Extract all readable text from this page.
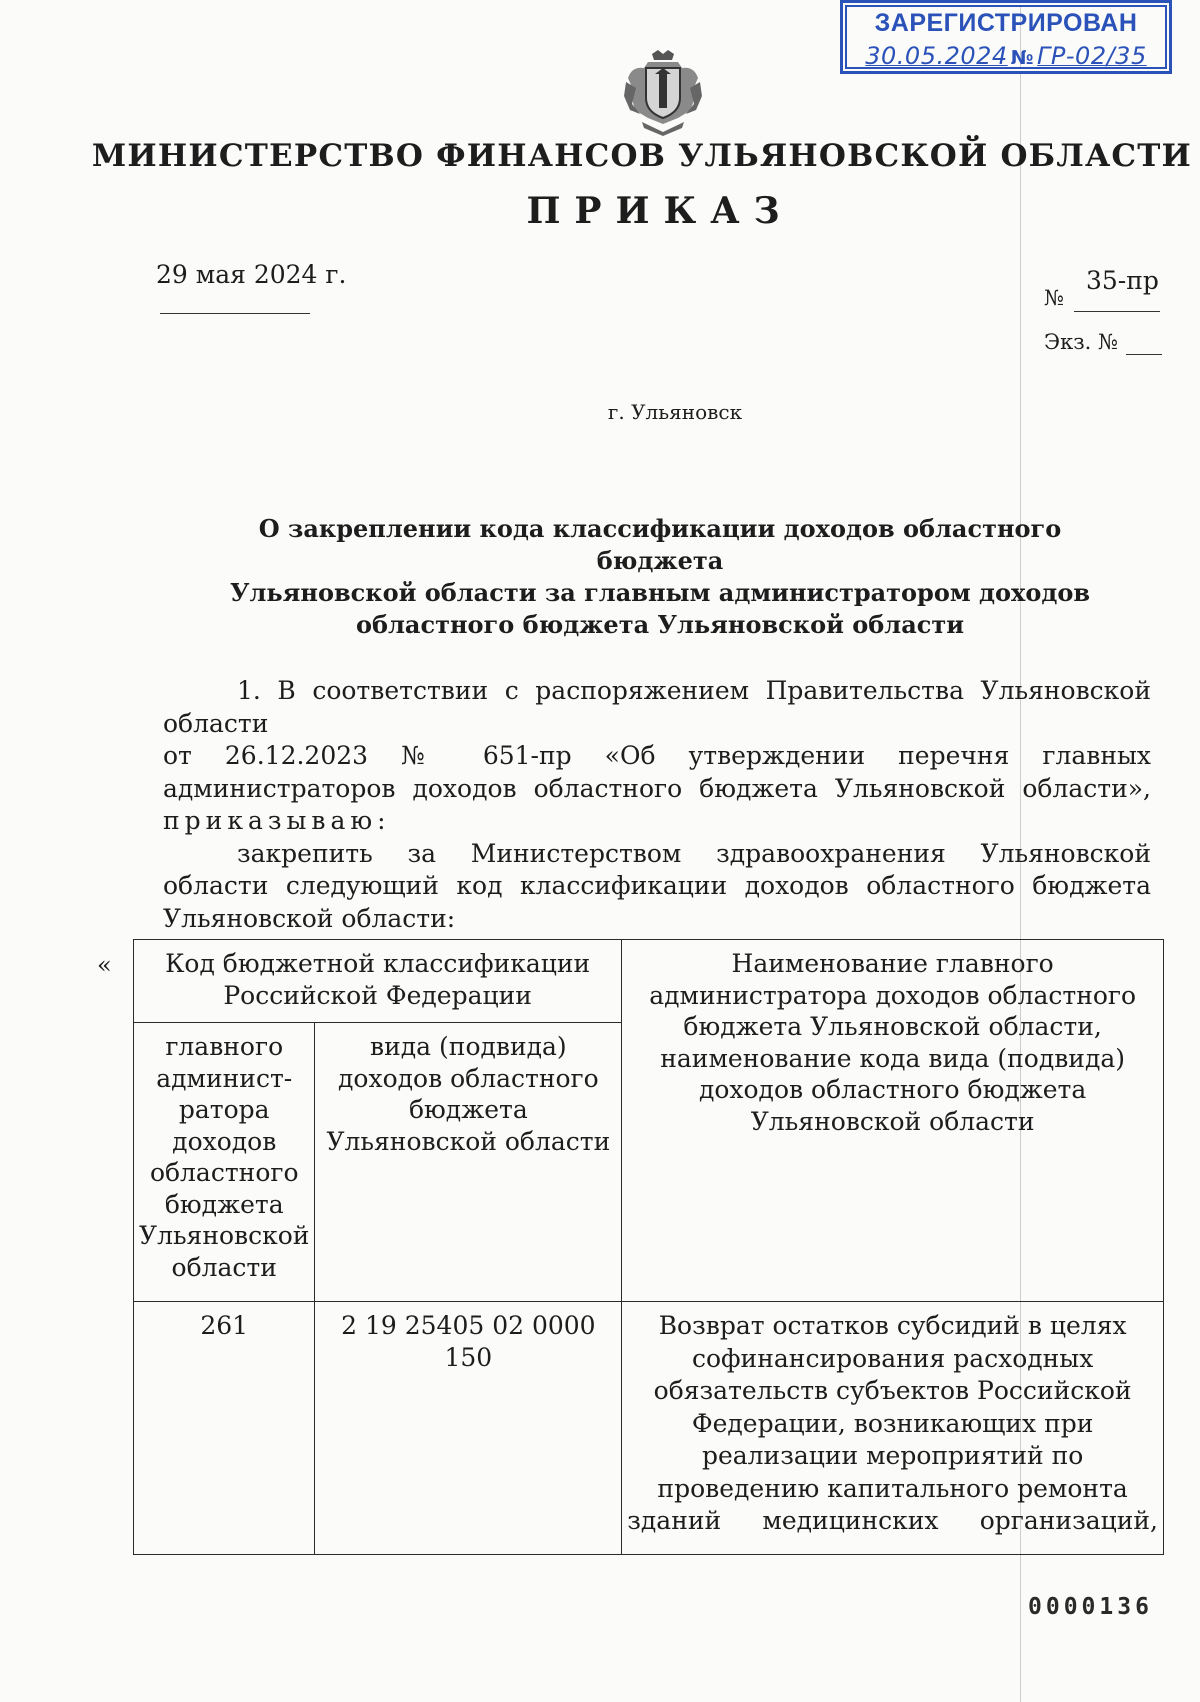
ЗАРЕГИСТРИРОВАН
30.05.2024 № ГР-02/35
МИНИСТЕРСТВО ФИНАНСОВ УЛЬЯНОВСКОЙ ОБЛАСТИ
ПРИКАЗ
29 мая 2024 г.
№
35-пр
Экз. №
г. Ульяновск
О закреплении кода классификации доходов областного бюджета
Ульяновской области за главным администратором доходов
областного бюджета Ульяновской области
1. В соответствии с распоряжением Правительства Ульяновской области
от 26.12.2023 № 651-пр «Об утверждении перечня главных администраторов доходов областного бюджета Ульяновской области»,
приказываю:
закрепить за Министерством здравоохранения Ульяновской области следующий код классификации доходов областного бюджета Ульяновской области:
« Код бюджетной классификации Российской Федерации		Наименование главного администратора доходов областного бюджета Ульяновской области, наименование кода вида (подвида) доходов областного бюджета Ульяновской области
главного админист-ратора доходов областного бюджета Ульяновской области	вида (подвида) доходов областного бюджета Ульяновской области	
261	2 19 25405 02 0000 150	Возврат остатков субсидий в целях софинансирования расходных обязательств субъектов Российской Федерации, возникающих при реализации мероприятий по проведению капитального ремонта зданий медицинских организаций,
0000136
